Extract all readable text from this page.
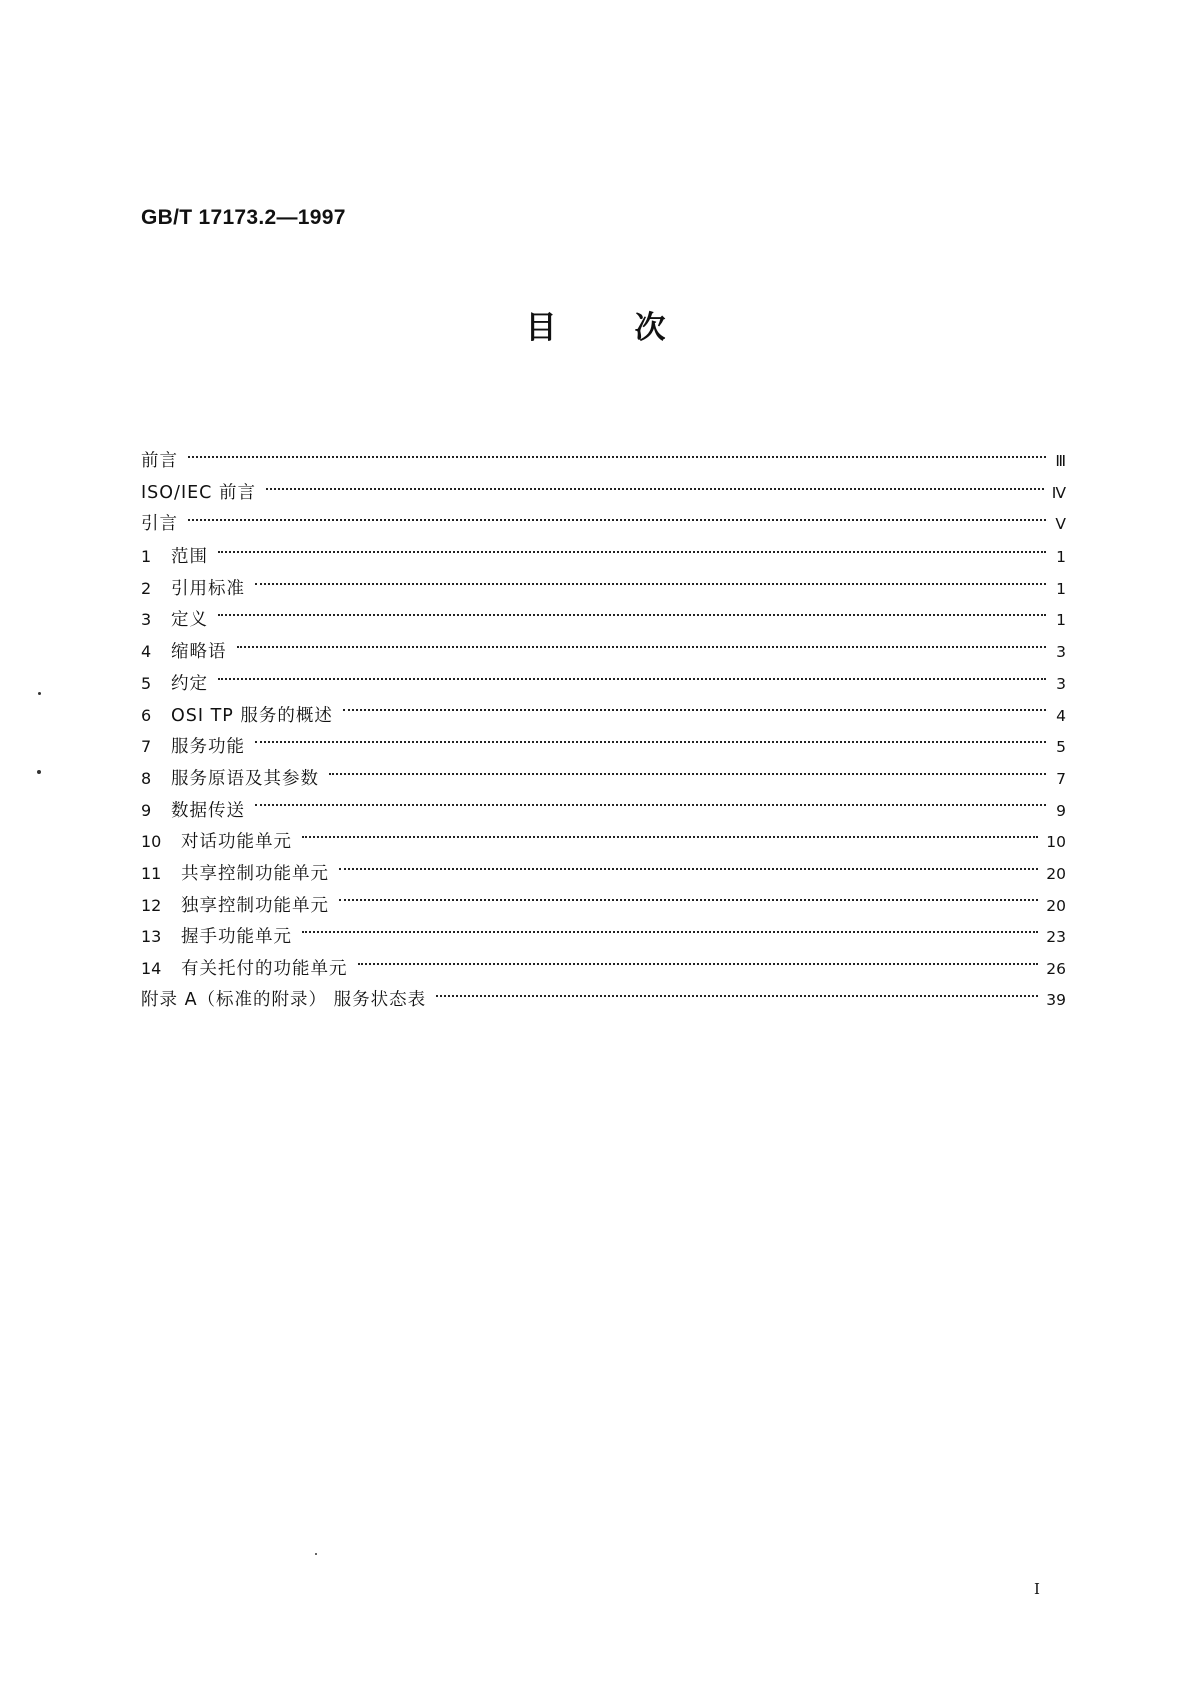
GB/T 17173.2—1997
目次
前言	Ⅲ
ISO/IEC 前言	Ⅳ
引言	Ⅴ
1	范围	1
2	引用标准	1
3	定义	1
4	缩略语	3
5	约定	3
6	OSI TP 服务的概述	4
7	服务功能	5
8	服务原语及其参数	7
9	数据传送	9
10	对话功能单元	10
11	共享控制功能单元	20
12	独享控制功能单元	20
13	握手功能单元	23
14	有关托付的功能单元	26
附录 A（标准的附录） 服务状态表	39
I
